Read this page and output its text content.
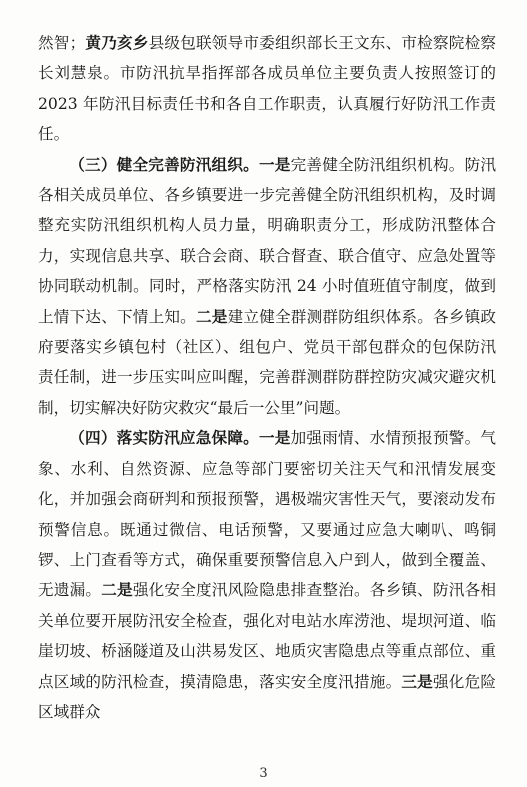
然智；黄乃亥乡县级包联领导市委组织部长王文东、市检察院检察长刘慧泉。市防汛抗旱指挥部各成员单位主要负责人按照签订的 2023 年防汛目标责任书和各自工作职责，认真履行好防汛工作责任。

（三）健全完善防汛组织。一是完善健全防汛组织机构。防汛各相关成员单位、各乡镇要进一步完善健全防汛组织机构，及时调整充实防汛组织机构人员力量，明确职责分工，形成防汛整体合力，实现信息共享、联合会商、联合督查、联合值守、应急处置等协同联动机制。同时，严格落实防汛 24 小时值班值守制度，做到上情下达、下情上知。二是建立健全群测群防组织体系。各乡镇政府要落实乡镇包村（社区）、组包户、党员干部包群众的包保防汛责任制，进一步压实叫应叫醒，完善群测群防群控防灾减灾避灾机制，切实解决好防灾救灾“最后一公里”问题。

（四）落实防汛应急保障。一是加强雨情、水情预报预警。气象、水利、自然资源、应急等部门要密切关注天气和汛情发展变化，并加强会商研判和预报预警，遇极端灾害性天气，要滚动发布预警信息。既通过微信、电话预警，又要通过应急大喇叭、鸣铜锣、上门查看等方式，确保重要预警信息入户到人，做到全覆盖、无遗漏。二是强化安全度汛风险隐患排查整治。各乡镇、防汛各相关单位要开展防汛安全检查，强化对电站水库涝池、堤坝河道、临崖切坡、桥涵隧道及山洪易发区、地质灾害隐患点等重点部位、重点区域的防汛检查，摸清隐患，落实安全度汛措施。三是强化危险区域群众

3
